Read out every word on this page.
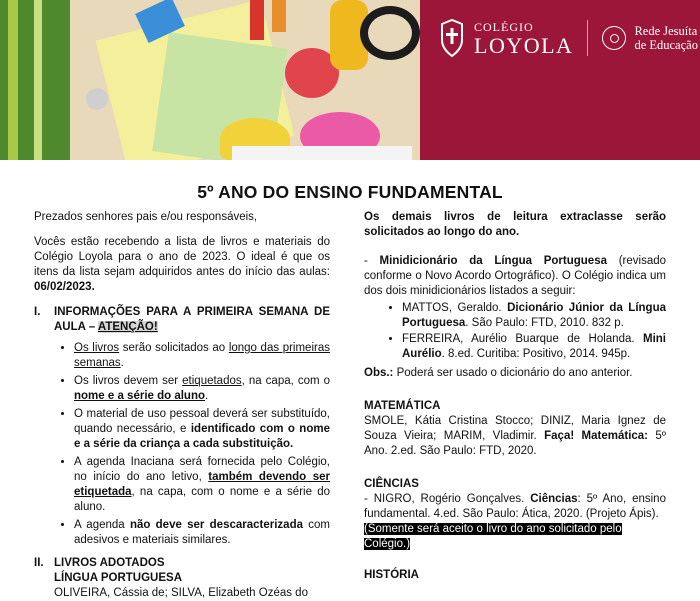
COLÉGIO
LOYOLA
Rede Jesuíta
de Educação
5º ANO DO ENSINO FUNDAMENTAL

Prezados senhores pais e/ou responsáveis,

Vocês estão recebendo a lista de livros e materiais do Colégio Loyola para o ano de 2023. O ideal é que os itens da lista sejam adquiridos antes do início das aulas: 06/02/2023.

I.	INFORMAÇÕES PARA A PRIMEIRA SEMANA DE AULA – ATENÇÃO!
• Os livros serão solicitados ao longo das primeiras semanas.
• Os livros devem ser etiquetados, na capa, com o nome e a série do aluno.
• O material de uso pessoal deverá ser substituído, quando necessário, e identificado com o nome e a série da criança a cada substituição.
• A agenda Inaciana será fornecida pelo Colégio, no início do ano letivo, também devendo ser etiquetada, na capa, com o nome e a série do aluno.
• A agenda não deve ser descaracterizada com adesivos e materiais similares.
II. LIVROS ADOTADOS
LÍNGUA PORTUGUESA

OLIVEIRA, Cássia de; SILVA, Elizabeth Ozéas do

Os demais livros de leitura extraclasse serão solicitados ao longo do ano.

- Minidicionário da Língua Portuguesa (revisado conforme o Novo Acordo Ortográfico). O Colégio indica um dos dois minidicionários listados a seguir:

• MATTOS, Geraldo. Dicionário Júnior da Língua Portuguesa. São Paulo: FTD, 2010. 832 p.
• FERREIRA, Aurélio Buarque de Holanda. Mini Aurélio. 8.ed. Curitiba: Positivo, 2014. 945p.

Obs.: Poderá ser usado o dicionário do ano anterior.

MATEMÁTICA

SMOLE, Kátia Cristina Stocco; DINIZ, Maria Ignez de Souza Vieira; MARIM, Vladimir. Faça! Matemática: 5º Ano. 2.ed. São Paulo: FTD, 2020.

CIÊNCIAS

- NIGRO, Rogério Gonçalves. Ciências: 5º Ano, ensino fundamental. 4.ed. São Paulo: Ática, 2020. (Projeto Ápis).

(Somente será aceito o livro do ano solicitado pelo Colégio.)

HISTÓRIA
